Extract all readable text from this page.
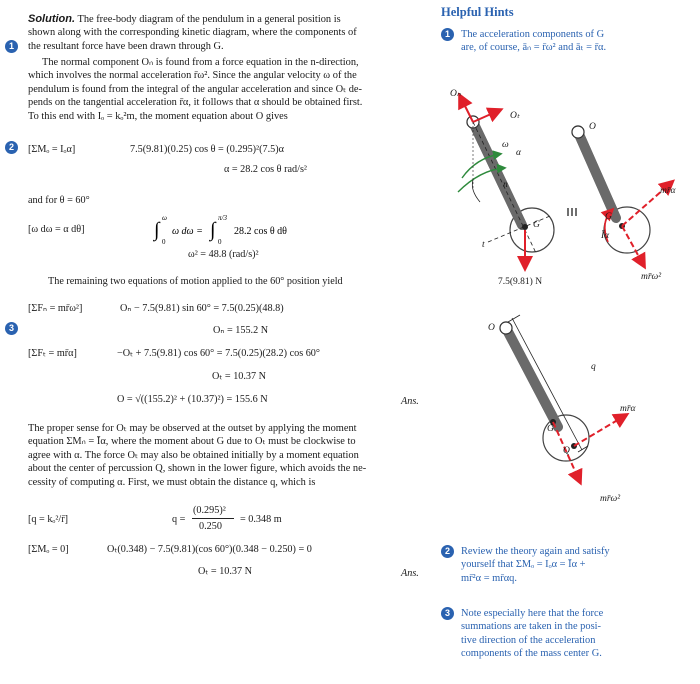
Solution. The free-body diagram of the pendulum in a general position is
shown along with the corresponding kinetic diagram, where the components of
the resultant force have been drawn through G.
1
The normal component Oₙ is found from a force equation in the n-direction,
which involves the normal acceleration r̄ω². Since the angular velocity ω of the
pendulum is found from the integral of the angular acceleration and since Oₜ de-
pends on the tangential acceleration r̄α, it follows that α should be obtained first.
To this end with Iₒ = kₒ²m, the moment equation about O gives
2	[ΣMₒ = Iₒα]	7.5(9.81)(0.25) cos θ = (0.295)²(7.5)α
α = 28.2 cos θ rad/s²
and for θ = 60°
[ω dω = α dθ]	∫
ω
0
ω dω = ∫
π/3
0
28.2 cos θ dθ
ω² = 48.8 (rad/s)²
The remaining two equations of motion applied to the 60° position yield
[ΣFₙ = mr̄ω²]	Oₙ − 7.5(9.81) sin 60° = 7.5(0.25)(48.8)
3	Oₙ = 155.2 N
[ΣFₜ = mr̄α]	−Oₜ + 7.5(9.81) cos 60° = 7.5(0.25)(28.2) cos 60°
Oₜ = 10.37 N
O = √((155.2)² + (10.37)²) = 155.6 N	Ans.
The proper sense for Oₜ may be observed at the outset by applying the moment
equation ΣMₙ = Īα, where the moment about G due to Oₜ must be clockwise to
agree with α. The force Oₜ may also be obtained initially by a moment equation
about the center of percussion Q, shown in the lower figure, which avoids the ne-
cessity of computing α. First, we must obtain the distance q, which is
[q = kₒ²/r̄]	q =
(0.295)²
0.250
= 0.348 m
[ΣMₒ = 0]	Oₜ(0.348) − 7.5(9.81)(cos 60°)(0.348 − 0.250) = 0
Oₜ = 10.37 N	Ans.
Helpful Hints
1	The acceleration components of G
are, of course, āₙ = r̄ω² and āₜ = r̄α.
2	Review the theory again and satisfy
yourself that ΣMₒ = Iₒα = Īα +
mr̄²α = mr̄αq.
3	Note especially here that the force
summations are taken in the posi-
tive direction of the acceleration
components of the mass center G.
Oₙ
Oₜ
ω
α
n
t
G
7.5(9.81) N
O
mr̄α
G
Īα
mr̄ω²
O
q
mr̄α
G
Q
mr̄ω²
